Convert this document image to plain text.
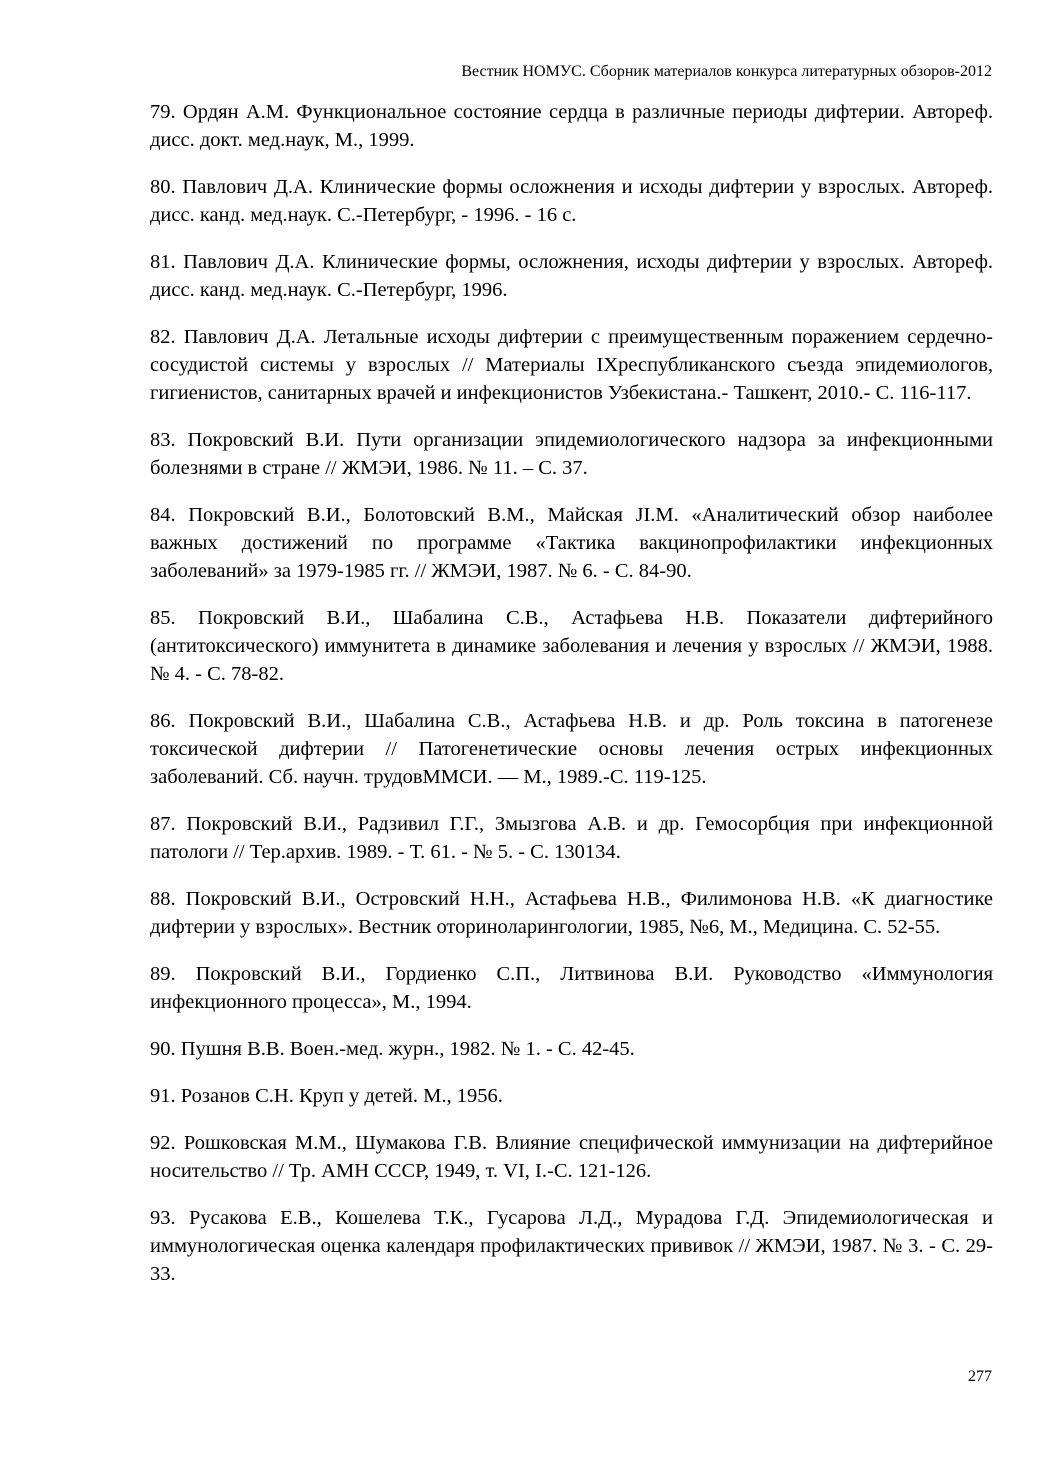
Вестник НОМУС. Сборник материалов конкурса литературных обзоров-2012
79. Ордян А.М. Функциональное состояние сердца в различные периоды дифтерии. Автореф. дисс. докт. мед.наук, М., 1999.
80. Павлович Д.А. Клинические формы осложнения и исходы дифтерии у взрослых. Автореф. дисс. канд. мед.наук. С.-Петербург, - 1996. - 16 с.
81. Павлович Д.А. Клинические формы, осложнения, исходы дифтерии у взрослых. Автореф. дисс. канд. мед.наук. С.-Петербург, 1996.
82. Павлович Д.А. Летальные исходы дифтерии с преимущественным поражением сердечно-сосудистой системы у взрослых // Материалы IXреспубликанского съезда эпидемиологов, гигиенистов, санитарных врачей и инфекционистов Узбекистана.- Ташкент, 2010.- С. 116-117.
83. Покровский В.И. Пути организации эпидемиологического надзора за инфекционными болезнями в стране // ЖМЭИ, 1986. № 11. – С. 37.
84. Покровский В.И., Болотовский В.М., Майская JI.М. «Аналитический обзор наиболее важных достижений по программе «Тактика вакцинопрофилактики инфекционных заболеваний» за 1979-1985 гг. // ЖМЭИ, 1987. № 6. - С. 84-90.
85. Покровский В.И., Шабалина С.В., Астафьева Н.В. Показатели дифтерийного (антитоксического) иммунитета в динамике заболевания и лечения у взрослых // ЖМЭИ, 1988. № 4. - С. 78-82.
86. Покровский В.И., Шабалина С.В., Астафьева Н.В. и др. Роль токсина в патогенезе токсической дифтерии // Патогенетические основы лечения острых инфекционных заболеваний. Сб. научн. трудовММСИ. — М., 1989.-С. 119-125.
87. Покровский В.И., Радзивил Г.Г., Змызгова А.В. и др. Гемосорбция при инфекционной патологи // Тер.архив. 1989. - Т. 61. - № 5. - С. 130134.
88. Покровский В.И., Островский Н.Н., Астафьева Н.В., Филимонова Н.В. «К диагностике дифтерии у взрослых». Вестник оториноларингологии, 1985, №6, М., Медицина. С. 52-55.
89. Покровский В.И., Гордиенко С.П., Литвинова В.И. Руководство «Иммунология инфекционного процесса», М., 1994.
90. Пушня В.В. Воен.-мед. журн., 1982. № 1. - С. 42-45.
91. Розанов С.Н. Круп у детей. М., 1956.
92. Рошковская М.М., Шумакова Г.В. Влияние специфической иммунизации на дифтерийное носительство // Тр. АМН СССР, 1949, т. VI, I.-С. 121-126.
93. Русакова Е.В., Кошелева Т.К., Гусарова Л.Д., Мурадова Г.Д. Эпидемиологическая и иммунологическая оценка календаря профилактических прививок // ЖМЭИ, 1987. № 3. - С. 29-33.
277
